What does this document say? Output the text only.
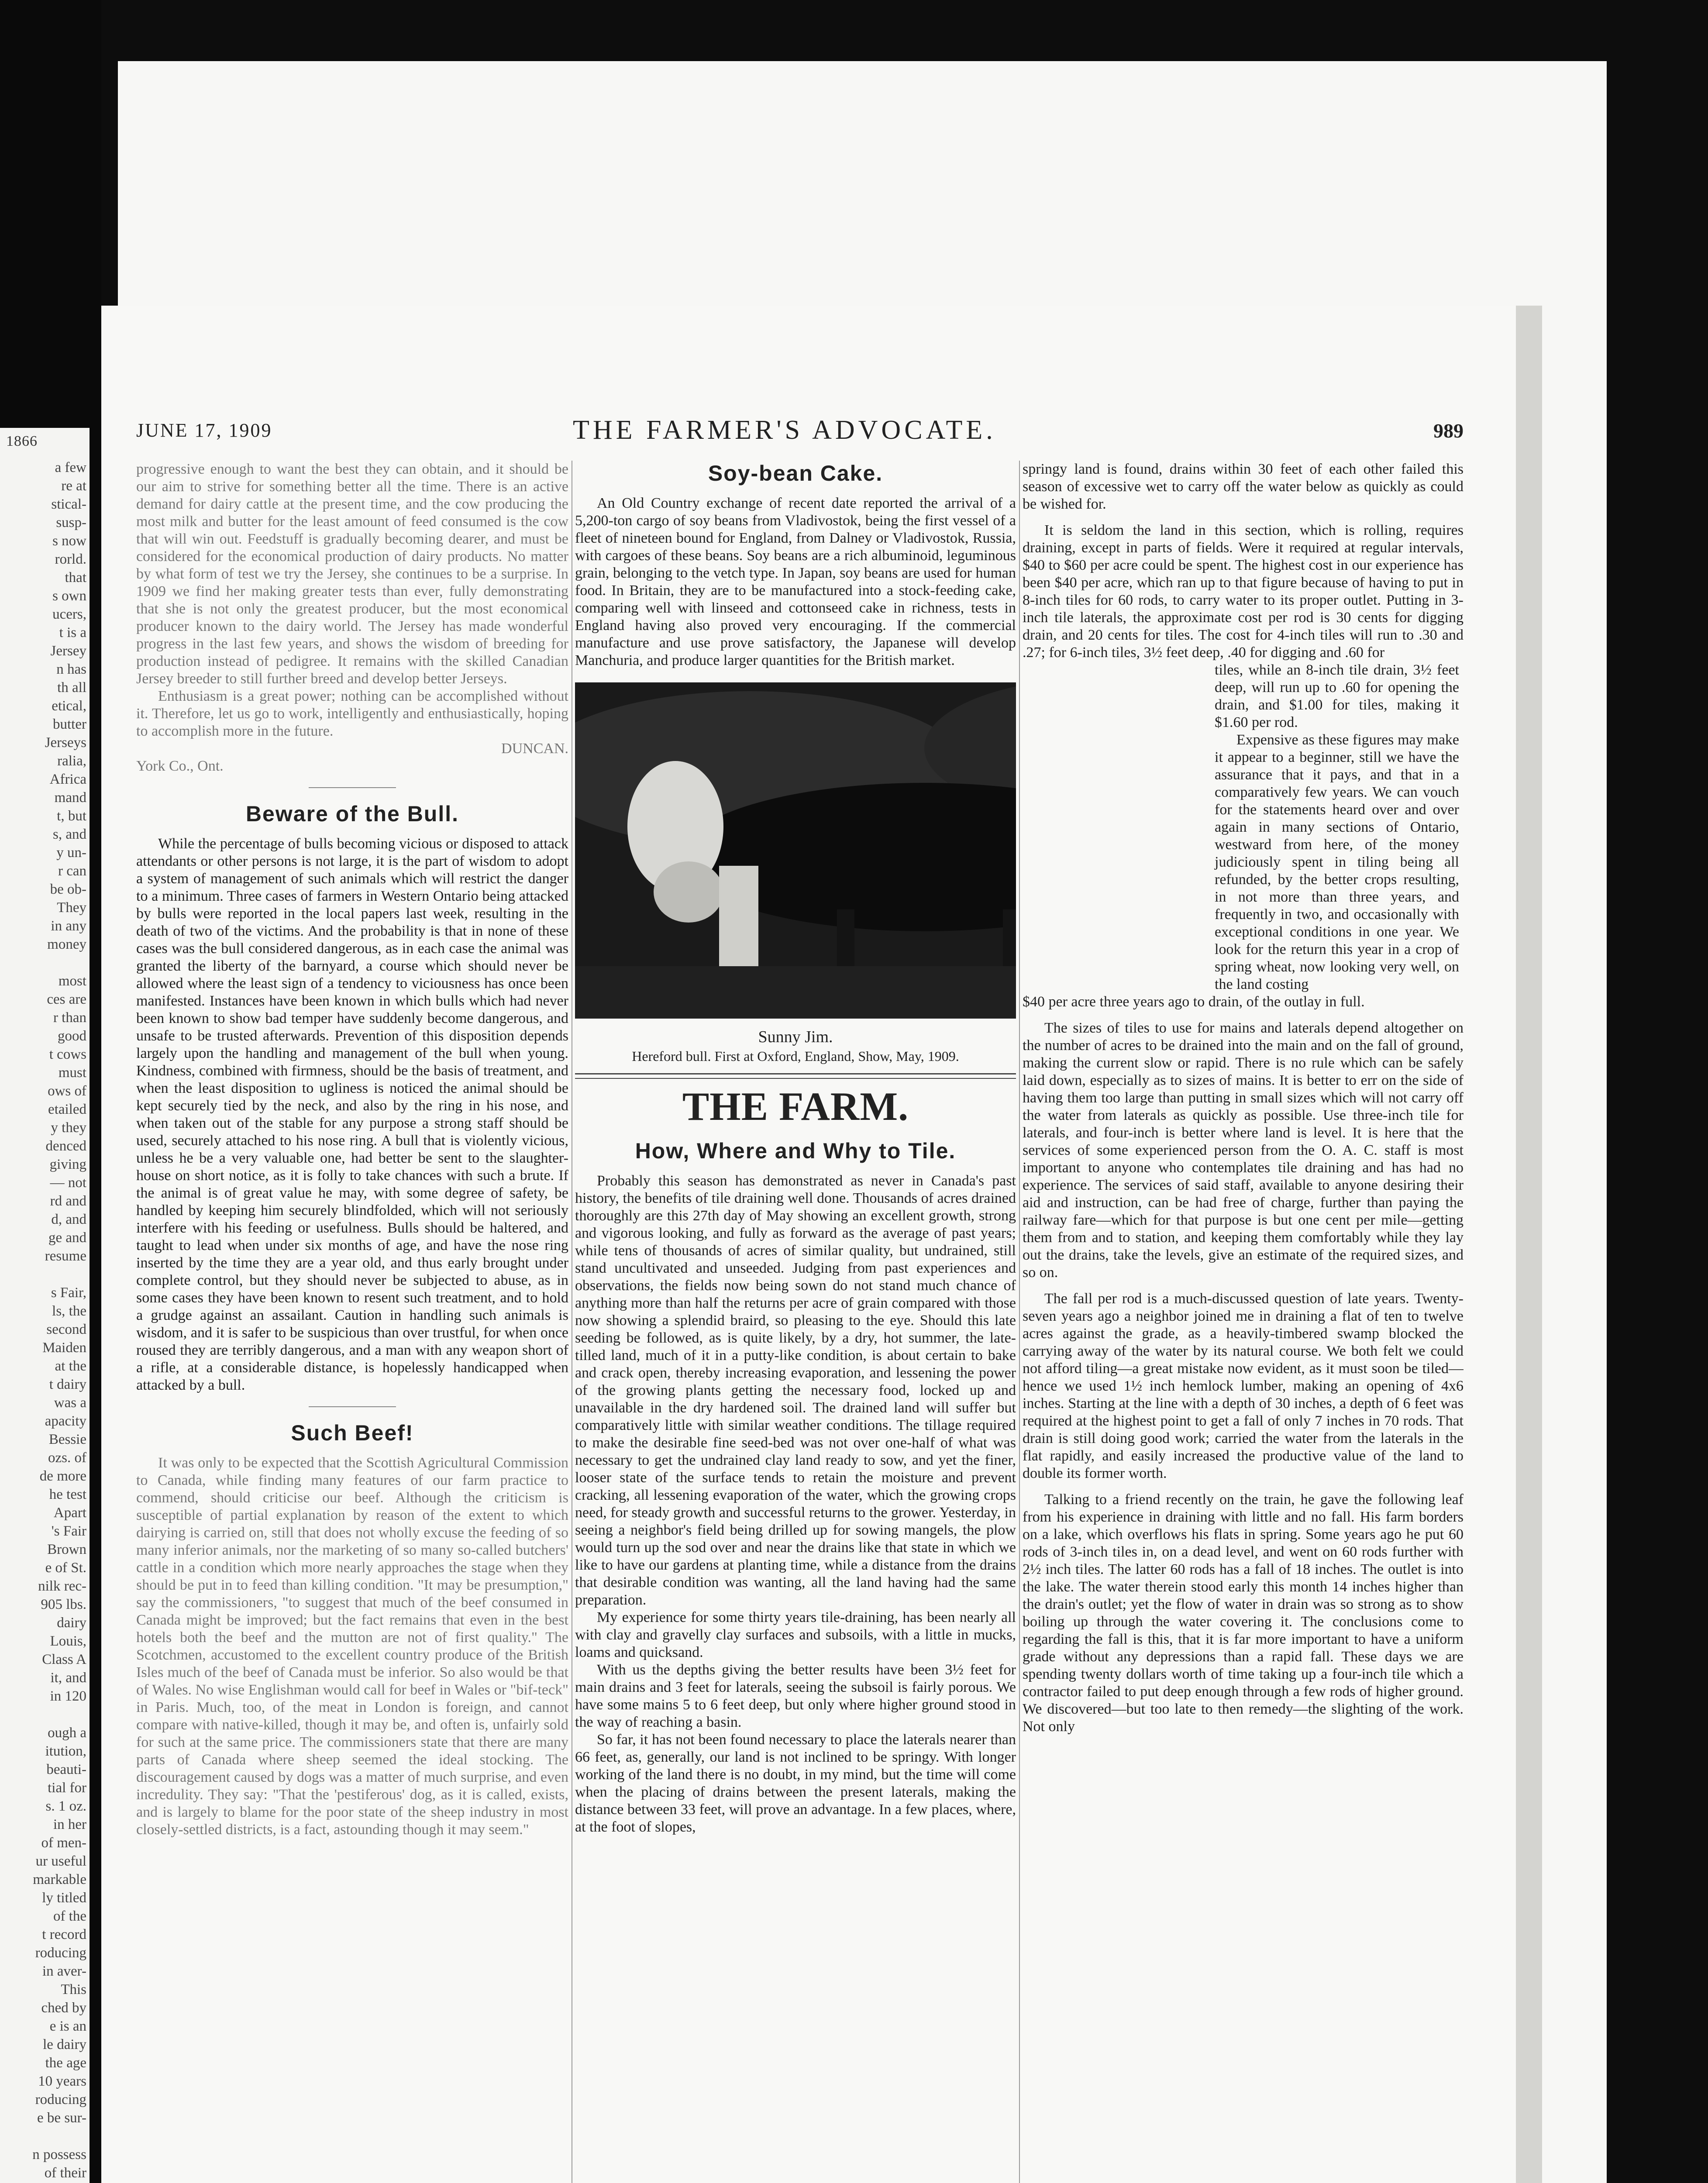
1866
a few
re at
stical-
susp-
s now
rorld.
that
s own
ucers,
t is a
Jersey
n has
th all
etical,
butter
Jerseys
ralia,
Africa
mand
t, but
s, and
y un-
r can
be ob-
They
in any
money

most
ces are
r than
good
t cows
must
ows of
etailed
y they
denced
giving
— not
rd and
d, and
ge and
resume

s Fair,
ls, the
second
Maiden
at the
t dairy
was a
apacity
Bessie
ozs. of
de more
he test
Apart
's Fair
Brown
e of St.
nilk rec-
905 lbs.
dairy
Louis,
Class A
it, and
in 120

ough a
itution,
beauti-
tial for
s. 1 oz.
in her
of men-
ur useful
markable
ly titled
of the
t record
roducing
in aver-
This
ched by
e is an
le dairy
the age
10 years
roducing
e be sur-

n possess
of their

JUNE 17, 1909	THE FARMER'S ADVOCATE.	989

progressive enough to want the best they can obtain, and it should be our aim to strive for something better all the time. There is an active demand for dairy cattle at the present time, and the cow producing the most milk and butter for the least amount of feed consumed is the cow that will win out. Feedstuff is gradually becoming dearer, and must be considered for the economical production of dairy products. No matter by what form of test we try the Jersey, she continues to be a surprise. In 1909 we find her making greater tests than ever, fully demonstrating that she is not only the greatest producer, but the most economical producer known to the dairy world. The Jersey has made wonderful progress in the last few years, and shows the wisdom of breeding for production instead of pedigree. It remains with the skilled Canadian Jersey breeder to still further breed and develop better Jerseys.

Enthusiasm is a great power; nothing can be accomplished without it. Therefore, let us go to work, intelligently and enthusiastically, hoping to accomplish more in the future.

DUNCAN.

York Co., Ont.

Beware of the Bull.

While the percentage of bulls becoming vicious or disposed to attack attendants or other persons is not large, it is the part of wisdom to adopt a system of management of such animals which will restrict the danger to a minimum. Three cases of farmers in Western Ontario being attacked by bulls were reported in the local papers last week, resulting in the death of two of the victims. And the probability is that in none of these cases was the bull considered dangerous, as in each case the animal was granted the liberty of the barnyard, a course which should never be allowed where the least sign of a tendency to viciousness has once been manifested. Instances have been known in which bulls which had never been known to show bad temper have suddenly become dangerous, and unsafe to be trusted afterwards. Prevention of this disposition depends largely upon the handling and management of the bull when young. Kindness, combined with firmness, should be the basis of treatment, and when the least disposition to ugliness is noticed the animal should be kept securely tied by the neck, and also by the ring in his nose, and when taken out of the stable for any purpose a strong staff should be used, securely attached to his nose ring. A bull that is violently vicious, unless he be a very valuable one, had better be sent to the slaughter-house on short notice, as it is folly to take chances with such a brute. If the animal is of great value he may, with some degree of safety, be handled by keeping him securely blindfolded, which will not seriously interfere with his feeding or usefulness. Bulls should be haltered, and taught to lead when under six months of age, and have the nose ring inserted by the time they are a year old, and thus early brought under complete control, but they should never be subjected to abuse, as in some cases they have been known to resent such treatment, and to hold a grudge against an assailant. Caution in handling such animals is wisdom, and it is safer to be suspicious than over trustful, for when once roused they are terribly dangerous, and a man with any weapon short of a rifle, at a considerable distance, is hopelessly handicapped when attacked by a bull.

Such Beef!

It was only to be expected that the Scottish Agricultural Commission to Canada, while finding many features of our farm practice to commend, should criticise our beef. Although the criticism is susceptible of partial explanation by reason of the extent to which dairying is carried on, still that does not wholly excuse the feeding of so many inferior animals, nor the marketing of so many so-called butchers' cattle in a condition which more nearly approaches the stage when they should be put in to feed than killing condition. "It may be presumption," say the commissioners, "to suggest that much of the beef consumed in Canada might be improved; but the fact remains that even in the best hotels both the beef and the mutton are not of first quality." The Scotchmen, accustomed to the excellent country produce of the British Isles much of the beef of Canada must be inferior. So also would be that of Wales. No wise Englishman would call for beef in Wales or "bif-teck" in Paris. Much, too, of the meat in London is foreign, and cannot compare with native-killed, though it may be, and often is, unfairly sold for such at the same price. The commissioners state that there are many parts of Canada where sheep seemed the ideal stocking. The discouragement caused by dogs was a matter of much surprise, and even incredulity. They say: "That the 'pestiferous' dog, as it is called, exists, and is largely to blame for the poor state of the sheep industry in most closely-settled districts, is a fact, astounding though it may seem."

Soy-bean Cake.

An Old Country exchange of recent date reported the arrival of a 5,200-ton cargo of soy beans from Vladivostok, being the first vessel of a fleet of nineteen bound for England, from Dalney or Vladivostok, Russia, with cargoes of these beans. Soy beans are a rich albuminoid, leguminous grain, belonging to the vetch type. In Japan, soy beans are used for human food. In Britain, they are to be manufactured into a stock-feeding cake, comparing well with linseed and cottonseed cake in richness, tests in England having also proved very encouraging. If the commercial manufacture and use prove satisfactory, the Japanese will develop Manchuria, and produce larger quantities for the British market.

Sunny Jim.
Hereford bull. First at Oxford, England, Show, May, 1909.
THE FARM.
How, Where and Why to Tile.

Probably this season has demonstrated as never in Canada's past history, the benefits of tile draining well done. Thousands of acres drained thoroughly are this 27th day of May showing an excellent growth, strong and vigorous looking, and fully as forward as the average of past years; while tens of thousands of acres of similar quality, but undrained, still stand uncultivated and unseeded. Judging from past experiences and observations, the fields now being sown do not stand much chance of anything more than half the returns per acre of grain compared with those now showing a splendid braird, so pleasing to the eye. Should this late seeding be followed, as is quite likely, by a dry, hot summer, the late-tilled land, much of it in a putty-like condition, is about certain to bake and crack open, thereby increasing evaporation, and lessening the power of the growing plants getting the necessary food, locked up and unavailable in the dry hardened soil. The drained land will suffer but comparatively little with similar weather conditions. The tillage required to make the desirable fine seed-bed was not over one-half of what was necessary to get the undrained clay land ready to sow, and yet the finer, looser state of the surface tends to retain the moisture and prevent cracking, all lessening evaporation of the water, which the growing crops need, for steady growth and successful returns to the grower. Yesterday, in seeing a neighbor's field being drilled up for sowing mangels, the plow would turn up the sod over and near the drains like that state in which we like to have our gardens at planting time, while a distance from the drains that desirable condition was wanting, all the land having had the same preparation.

My experience for some thirty years tile-draining, has been nearly all with clay and gravelly clay surfaces and subsoils, with a little in mucks, loams and quicksand.

With us the depths giving the better results have been 3½ feet for main drains and 3 feet for laterals, seeing the subsoil is fairly porous. We have some mains 5 to 6 feet deep, but only where higher ground stood in the way of reaching a basin.

So far, it has not been found necessary to place the laterals nearer than 66 feet, as, generally, our land is not inclined to be springy. With longer working of the land there is no doubt, in my mind, but the time will come when the placing of drains between the present laterals, making the distance between 33 feet, will prove an advantage. In a few places, where, at the foot of slopes,

springy land is found, drains within 30 feet of each other failed this season of excessive wet to carry off the water below as quickly as could be wished for.

It is seldom the land in this section, which is rolling, requires draining, except in parts of fields. Were it required at regular intervals, $40 to $60 per acre could be spent. The highest cost in our experience has been $40 per acre, which ran up to that figure because of having to put in 8-inch tiles for 60 rods, to carry water to its proper outlet. Putting in 3-inch tile laterals, the approximate cost per rod is 30 cents for digging drain, and 20 cents for tiles. The cost for 4-inch tiles will run to .30 and .27; for 6-inch tiles, 3½ feet deep, .40 for digging and .60 for

tiles, while an 8-inch tile drain, 3½ feet deep, will run up to .60 for opening the drain, and $1.00 for tiles, making it $1.60 per rod.

Expensive as these figures may make it appear to a beginner, still we have the assurance that it pays, and that in a comparatively few years. We can vouch for the statements heard over and over again in many sections of Ontario, westward from here, of the money judiciously spent in tiling being all refunded, by the better crops resulting, in not more than three years, and frequently in two, and occasionally with exceptional conditions in one year. We look for the return this year in a crop of spring wheat, now looking very well, on the land costing

$40 per acre three years ago to drain, of the outlay in full.

The sizes of tiles to use for mains and laterals depend altogether on the number of acres to be drained into the main and on the fall of ground, making the current slow or rapid. There is no rule which can be safely laid down, especially as to sizes of mains. It is better to err on the side of having them too large than putting in small sizes which will not carry off the water from laterals as quickly as possible. Use three-inch tile for laterals, and four-inch is better where land is level. It is here that the services of some experienced person from the O. A. C. staff is most important to anyone who contemplates tile draining and has had no experience. The services of said staff, available to anyone desiring their aid and instruction, can be had free of charge, further than paying the railway fare—which for that purpose is but one cent per mile—getting them from and to station, and keeping them comfortably while they lay out the drains, take the levels, give an estimate of the required sizes, and so on.

The fall per rod is a much-discussed question of late years. Twenty-seven years ago a neighbor joined me in draining a flat of ten to twelve acres against the grade, as a heavily-timbered swamp blocked the carrying away of the water by its natural course. We both felt we could not afford tiling—a great mistake now evident, as it must soon be tiled—hence we used 1½ inch hemlock lumber, making an opening of 4x6 inches. Starting at the line with a depth of 30 inches, a depth of 6 feet was required at the highest point to get a fall of only 7 inches in 70 rods. That drain is still doing good work; carried the water from the laterals in the flat rapidly, and easily increased the productive value of the land to double its former worth.

Talking to a friend recently on the train, he gave the following leaf from his experience in draining with little and no fall. His farm borders on a lake, which overflows his flats in spring. Some years ago he put 60 rods of 3-inch tiles in, on a dead level, and went on 60 rods further with 2½ inch tiles. The latter 60 rods has a fall of 18 inches. The outlet is into the lake. The water therein stood early this month 14 inches higher than the drain's outlet; yet the flow of water in drain was so strong as to show boiling up through the water covering it. The conclusions come to regarding the fall is this, that it is far more important to have a uniform grade without any depressions than a rapid fall. These days we are spending twenty dollars worth of time taking up a four-inch tile which a contractor failed to put deep enough through a few rods of higher ground. We discovered—but too late to then remedy—the slighting of the work. Not only
